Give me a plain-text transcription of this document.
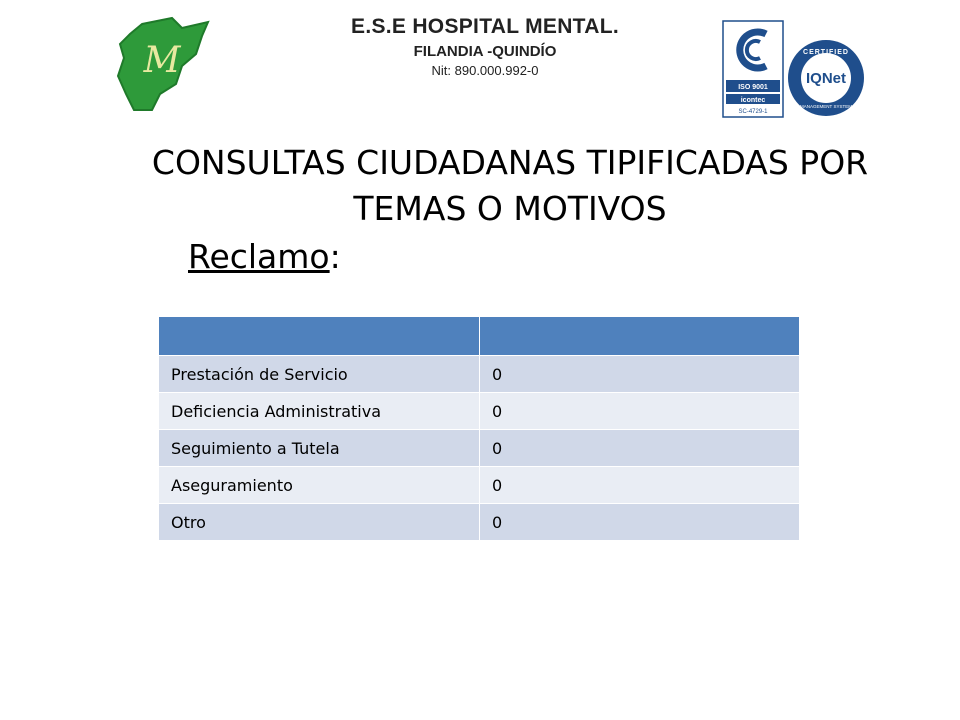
M
E.S.E HOSPITAL MENTAL.
FILANDIA -QUINDÍO
Nit: 890.000.992-0
ISO 9001
icontec
SC-4729-1
CERTIFIED
IQNet
MANAGEMENT SYSTEM
CONSULTAS CIUDADANAS TIPIFICADAS POR TEMAS O MOTIVOS
Reclamo:

Prestación de Servicio	0
Deficiencia Administrativa	0
Seguimiento a Tutela	0
Aseguramiento	0
Otro	0
